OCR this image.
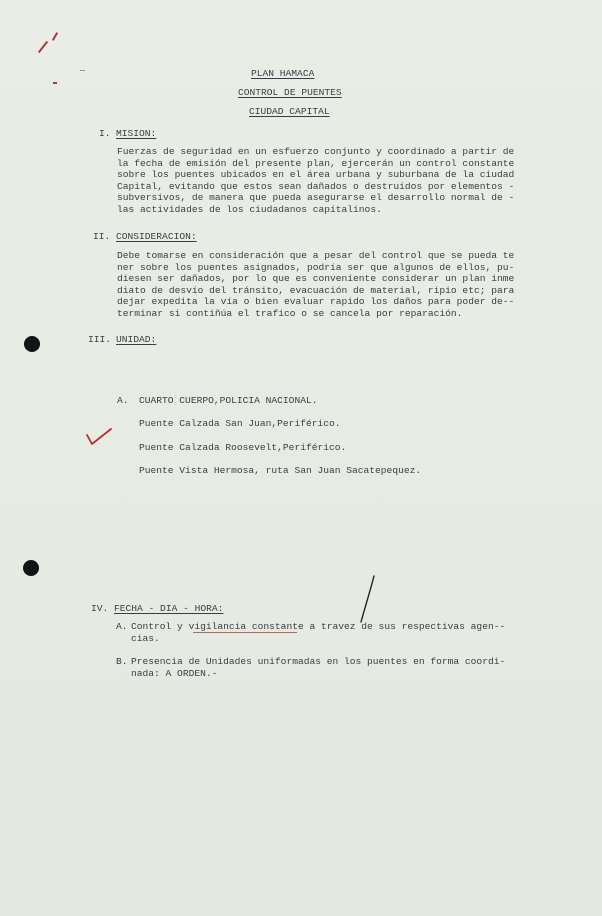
PLAN HAMACA
CONTROL DE PUENTES
CIUDAD CAPITAL
I. MISION:
Fuerzas de seguridad en un esfuerzo conjunto y coordinado a partir de
la fecha de emisión del presente plan, ejercerán un control constante
sobre los puentes ubicados en el área urbana y suburbana de la ciudad
Capital, evitando que estos sean dañados o destruidos por elementos -
subversivos, de manera que pueda asegurarse el desarrollo normal de -
las actividades de los ciudadanos capitalinos.
II. CONSIDERACION:
Debe tomarse en consideración que a pesar del control que se pueda te
ner sobre los puentes asignados, podría ser que algunos de ellos, pu-
diesen ser dañados, por lo que es conveniente considerar un plan inme
diato de desvío del tránsito, evacuación de material, ripio etc; para
dejar expedita la vía o bien evaluar rapido los daños para poder de--
terminar si contiñúa el trafico o se cancela por reparación.
III. UNIDAD:
A. CUARTO CUERPO,POLICIA NACIONAL.
Puente Calzada San Juan,Periférico.
Puente Calzada Roosevelt,Periférico.
Puente Vista Hermosa, ruta San Juan Sacatepequez.
IV. FECHA - DIA - HORA:
A. Control y vigilancia constante a travez de sus respectivas agen--
cias.
B. Presencia de Unidades uniformadas en los puentes en forma coordi-
nada: A ORDEN.-
